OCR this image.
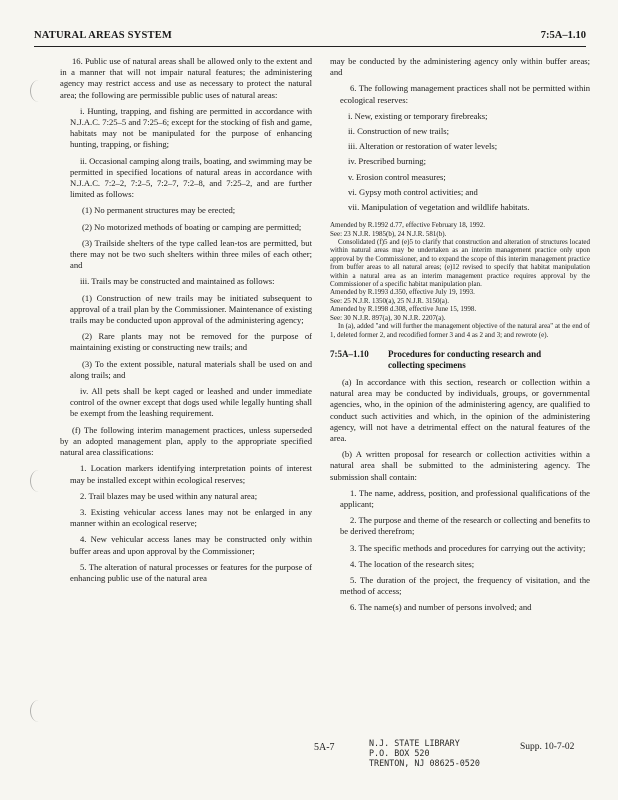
NATURAL AREAS SYSTEM	7:5A–1.10

16. Public use of natural areas shall be allowed only to the extent and in a manner that will not impair natural features; the administering agency may restrict access and use as necessary to protect the natural area; the following are permissible public uses of natural areas:

i. Hunting, trapping, and fishing are permitted in accordance with N.J.A.C. 7:25–5 and 7:25–6; except for the stocking of fish and game, habitats may not be manipulated for the purpose of enhancing hunting, trapping, or fishing;

ii. Occasional camping along trails, boating, and swimming may be permitted in specified locations of natural areas in accordance with N.J.A.C. 7:2–2, 7:2–5, 7:2–7, 7:2–8, and 7:25–2, and are further limited as follows:

(1) No permanent structures may be erected;

(2) No motorized methods of boating or camping are permitted;

(3) Trailside shelters of the type called lean-tos are permitted, but there may not be two such shelters within three miles of each other; and

iii. Trails may be constructed and maintained as follows:

(1) Construction of new trails may be initiated subsequent to approval of a trail plan by the Commissioner. Maintenance of existing trails may be conducted upon approval of the administering agency;

(2) Rare plants may not be removed for the purpose of maintaining existing or constructing new trails; and

(3) To the extent possible, natural materials shall be used on and along trails; and

iv. All pets shall be kept caged or leashed and under immediate control of the owner except that dogs used while legally hunting shall be exempt from the leashing requirement.

(f) The following interim management practices, unless superseded by an adopted management plan, apply to the appropriate specified natural area classifications:

1. Location markers identifying interpretation points of interest may be installed except within ecological reserves;

2. Trail blazes may be used within any natural area;

3. Existing vehicular access lanes may not be enlarged in any manner within an ecological reserve;

4. New vehicular access lanes may be constructed only within buffer areas and upon approval by the Commissioner;

5. The alteration of natural processes or features for the purpose of enhancing public use of the natural area

may be conducted by the administering agency only within buffer areas; and

6. The following management practices shall not be permitted within ecological reserves:

i. New, existing or temporary firebreaks;

ii. Construction of new trails;

iii. Alteration or restoration of water levels;

iv. Prescribed burning;

v. Erosion control measures;

vi. Gypsy moth control activities; and

vii. Manipulation of vegetation and wildlife habitats.

Amended by R.1992 d.77, effective February 18, 1992.

See: 23 N.J.R. 1985(b), 24 N.J.R. 581(b).

Consolidated (f)5 and (e)5 to clarify that construction and alteration of structures located within natural areas may be undertaken as an interim management practice only upon approval by the Commissioner, and to expand the scope of this interim management practice from buffer areas to all natural areas; (e)12 revised to specify that habitat manipulation within a natural area as an interim management practice requires approval by the Commissioner of a specific habitat manipulation plan.

Amended by R.1993 d.350, effective July 19, 1993.

See: 25 N.J.R. 1350(a), 25 N.J.R. 3150(a).

Amended by R.1998 d.308, effective June 15, 1998.

See: 30 N.J.R. 897(a), 30 N.J.R. 2207(a).

In (a), added "and will further the management objective of the natural area" at the end of 1, deleted former 2, and recodified former 3 and 4 as 2 and 3; and rewrote (e).

7:5A–1.10 Procedures for conducting research and collecting specimens

(a) In accordance with this section, research or collection within a natural area may be conducted by individuals, groups, or governmental agencies, who, in the opinion of the administering agency, are qualified to conduct such activities and which, in the opinion of the administering agency, will not have a detrimental effect on the natural features of the area.

(b) A written proposal for research or collection activities within a natural area shall be submitted to the administering agency. The submission shall contain:

1. The name, address, position, and professional qualifications of the applicant;

2. The purpose and theme of the research or collecting and benefits to be derived therefrom;

3. The specific methods and procedures for carrying out the activity;

4. The location of the research sites;

5. The duration of the project, the frequency of visitation, and the method of access;

6. The name(s) and number of persons involved; and

5A-7	N.J. STATE LIBRARY
P.O. BOX 520
TRENTON, NJ 08625-0520
Supp. 10-7-02
